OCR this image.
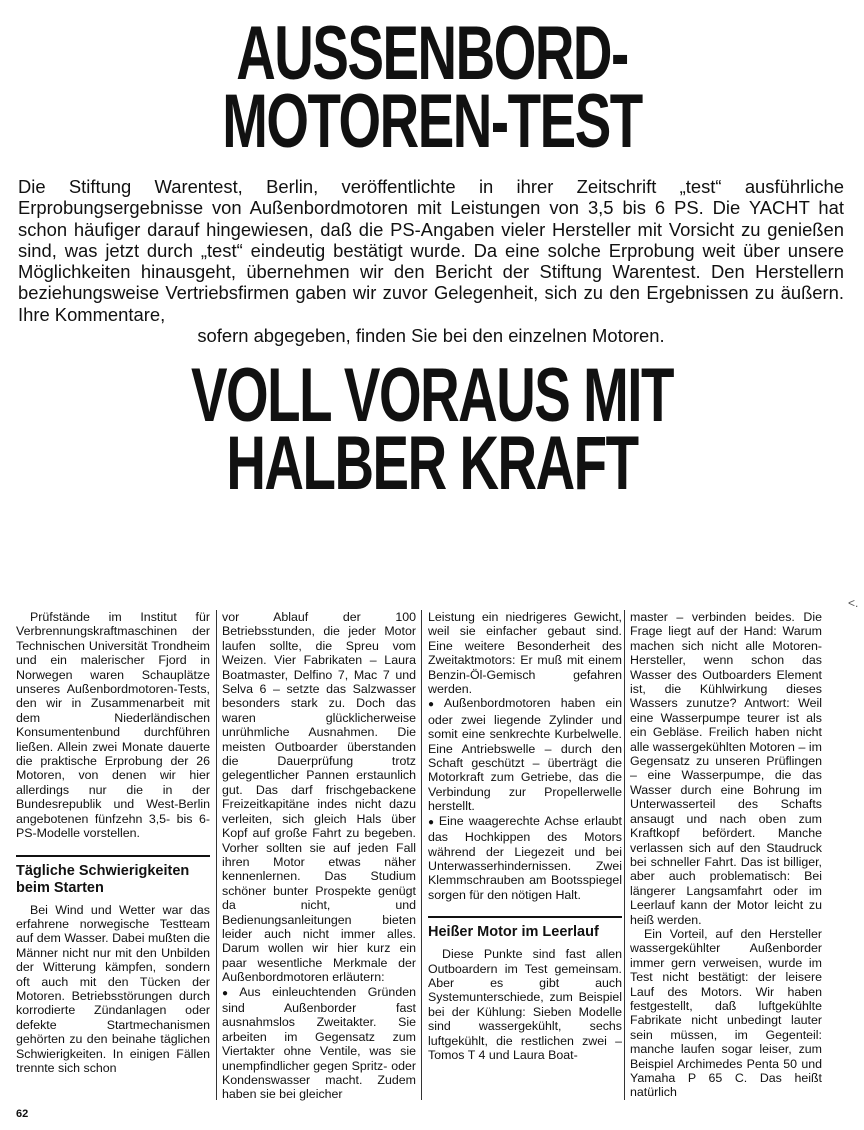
AUSSENBORD-
MOTOREN-TEST

Die Stiftung Warentest, Berlin, veröffentlichte in ihrer Zeitschrift „test“ ausführliche Erprobungsergebnisse von Außenbordmotoren mit Leistungen von 3,5 bis 6 PS. Die YACHT hat schon häufiger darauf hingewiesen, daß die PS-Angaben vieler Hersteller mit Vorsicht zu genießen sind, was jetzt durch „test“ eindeutig bestätigt wurde. Da eine solche Erprobung weit über unsere Möglichkeiten hinausgeht, übernehmen wir den Bericht der Stiftung Warentest. Den Herstellern beziehungsweise Vertriebsfirmen gaben wir zuvor Gelegenheit, sich zu den Ergebnissen zu äußern. Ihre Kommentare,
sofern abgegeben, finden Sie bei den einzelnen Motoren.

VOLL VORAUS MIT
HALBER KRAFT

Prüfstände im Institut für Verbrennungskraftmaschinen der Technischen Universität Trondheim und ein malerischer Fjord in Norwegen waren Schauplätze unseres Außenbordmotoren-Tests, den wir in Zusammenarbeit mit dem Niederländischen Konsumentenbund durchführen ließen. Allein zwei Monate dauerte die praktische Erprobung der 26 Motoren, von denen wir hier allerdings nur die in der Bundesrepublik und West-Berlin angebotenen fünfzehn 3,5- bis 6-PS-Modelle vorstellen.

Tägliche Schwierigkeiten beim Starten

Bei Wind und Wetter war das erfahrene norwegische Testteam auf dem Wasser. Dabei mußten die Männer nicht nur mit den Unbilden der Witterung kämpfen, sondern oft auch mit den Tücken der Motoren. Betriebsstörungen durch korrodierte Zündanlagen oder defekte Startmechanismen gehörten zu den beinahe täglichen Schwierigkeiten. In einigen Fällen trennte sich schon

vor Ablauf der 100 Betriebsstunden, die jeder Motor laufen sollte, die Spreu vom Weizen. Vier Fabrikaten – Laura Boatmaster, Delfino 7, Mac 7 und Selva 6 – setzte das Salzwasser besonders stark zu. Doch das waren glücklicherweise unrühmliche Ausnahmen. Die meisten Outboarder überstanden die Dauerprüfung trotz gelegentlicher Pannen erstaunlich gut. Das darf frischgebackene Freizeitkapitäne indes nicht dazu verleiten, sich gleich Hals über Kopf auf große Fahrt zu begeben. Vorher sollten sie auf jeden Fall ihren Motor etwas näher kennenlernen. Das Studium schöner bunter Prospekte genügt da nicht, und Bedienungsanleitungen bieten leider auch nicht immer alles. Darum wollen wir hier kurz ein paar wesentliche Merkmale der Außenbordmotoren erläutern:

● Aus einleuchtenden Gründen sind Außenborder fast ausnahmslos Zweitakter. Sie arbeiten im Gegensatz zum Viertakter ohne Ventile, was sie unempfindlicher gegen Spritz- oder Kondenswasser macht. Zudem haben sie bei gleicher

Leistung ein niedrigeres Gewicht, weil sie einfacher gebaut sind. Eine weitere Besonderheit des Zweitaktmotors: Er muß mit einem Benzin-Öl-Gemisch gefahren werden.

● Außenbordmotoren haben ein oder zwei liegende Zylinder und somit eine senkrechte Kurbelwelle. Eine Antriebswelle – durch den Schaft geschützt – überträgt die Motorkraft zum Getriebe, das die Verbindung zur Propellerwelle herstellt.

● Eine waagerechte Achse erlaubt das Hochkippen des Motors während der Liegezeit und bei Unterwasserhindernissen. Zwei Klemmschrauben am Bootsspiegel sorgen für den nötigen Halt.

Heißer Motor im Leerlauf

Diese Punkte sind fast allen Outboardern im Test gemeinsam. Aber es gibt auch Systemunterschiede, zum Beispiel bei der Kühlung: Sieben Modelle sind wassergekühlt, sechs luftgekühlt, die restlichen zwei – Tomos T 4 und Laura Boat-

master – verbinden beides. Die Frage liegt auf der Hand: Warum machen sich nicht alle Motoren-Hersteller, wenn schon das Wasser des Outboarders Element ist, die Kühlwirkung dieses Wassers zunutze? Antwort: Weil eine Wasserpumpe teurer ist als ein Gebläse. Freilich haben nicht alle wassergekühlten Motoren – im Gegensatz zu unseren Prüflingen – eine Wasserpumpe, die das Wasser durch eine Bohrung im Unterwasserteil des Schafts ansaugt und nach oben zum Kraftkopf befördert. Manche verlassen sich auf den Staudruck bei schneller Fahrt. Das ist billiger, aber auch problematisch: Bei längerer Langsamfahrt oder im Leerlauf kann der Motor leicht zu heiß werden.

Ein Vorteil, auf den Hersteller wassergekühlter Außenborder immer gern verweisen, wurde im Test nicht bestätigt: der leisere Lauf des Motors. Wir haben festgestellt, daß luftgekühlte Fabrikate nicht unbedingt lauter sein müssen, im Gegenteil: manche laufen sogar leiser, zum Beispiel Archimedes Penta 50 und Yamaha P 65 C. Das heißt natürlich

62
˂.
